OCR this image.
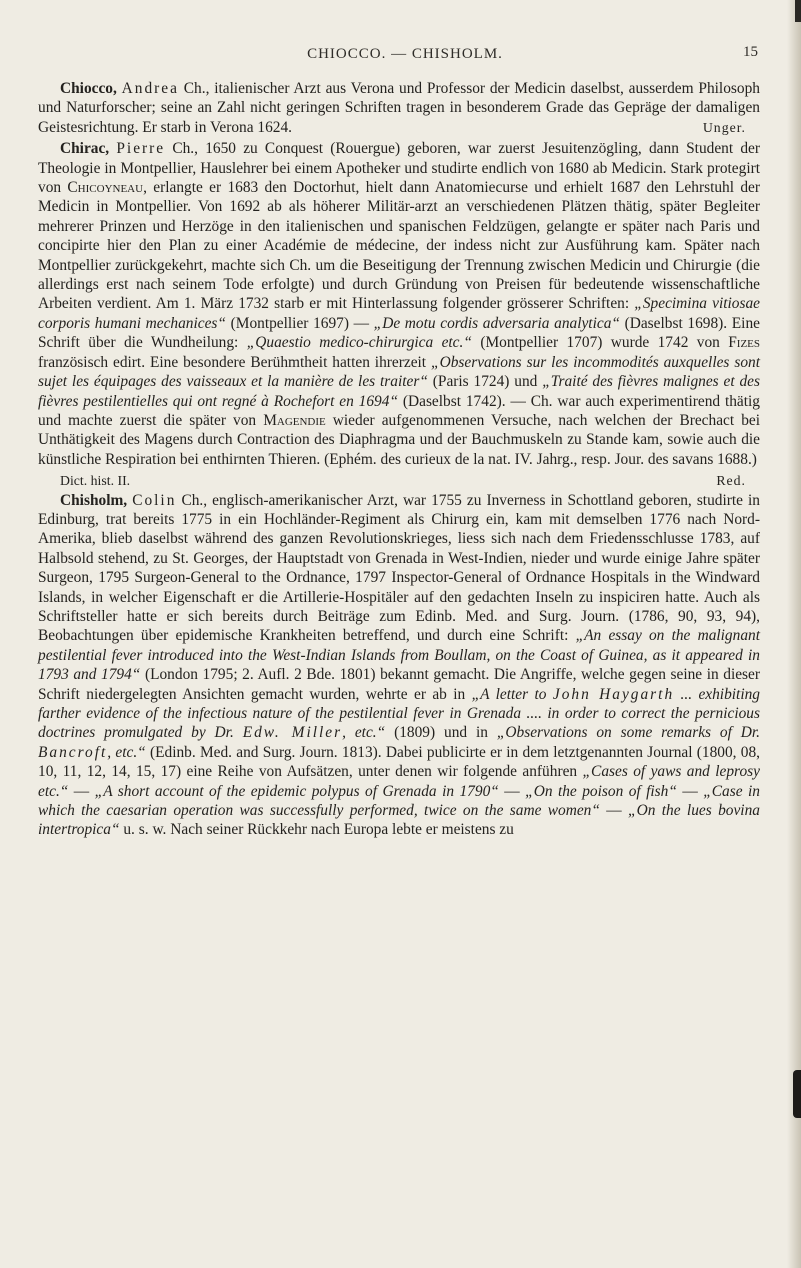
CHIOCCO. — CHISHOLM.	15

Chiocco, Andrea Ch., italienischer Arzt aus Verona und Professor der Medicin daselbst, ausserdem Philosoph und Naturforscher; seine an Zahl nicht geringen Schriften tragen in besonderem Grade das Gepräge der damaligen Geistesrichtung. Er starb in Verona 1624.	Unger.

Chirac, Pierre Ch., 1650 zu Conquest (Rouergue) geboren, war zuerst Jesuitenzögling, dann Student der Theologie in Montpellier, Hauslehrer bei einem Apotheker und studirte endlich von 1680 ab Medicin. Stark protegirt von Chicoyneau, erlangte er 1683 den Doctorhut, hielt dann Anatomiecurse und erhielt 1687 den Lehrstuhl der Medicin in Montpellier. Von 1692 ab als höherer Militär-arzt an verschiedenen Plätzen thätig, später Begleiter mehrerer Prinzen und Herzöge in den italienischen und spanischen Feldzügen, gelangte er später nach Paris und concipirte hier den Plan zu einer Académie de médecine, der indess nicht zur Ausführung kam. Später nach Montpellier zurückgekehrt, machte sich Ch. um die Beseitigung der Trennung zwischen Medicin und Chirurgie (die allerdings erst nach seinem Tode erfolgte) und durch Gründung von Preisen für bedeutende wissenschaftliche Arbeiten verdient. Am 1. März 1732 starb er mit Hinterlassung folgender grösserer Schriften: „Specimina vitiosae corporis humani mechanices“ (Montpellier 1697) — „De motu cordis adversaria analytica“ (Daselbst 1698). Eine Schrift über die Wundheilung: „Quaestio medico-chirurgica etc.“ (Montpellier 1707) wurde 1742 von Fizes französisch edirt. Eine besondere Berühmtheit hatten ihrerzeit „Observations sur les incommodités auxquelles sont sujet les équipages des vaisseaux et la manière de les traiter“ (Paris 1724) und „Traité des fièvres malignes et des fièvres pestilentielles qui ont regné à Rochefort en 1694“ (Daselbst 1742). — Ch. war auch experimentirend thätig und machte zuerst die später von Magendie wieder aufgenommenen Versuche, nach welchen der Brechact bei Unthätigkeit des Magens durch Contraction des Diaphragma und der Bauchmuskeln zu Stande kam, sowie auch die künstliche Respiration bei enthirnten Thieren. (Ephém. des curieux de la nat. IV. Jahrg., resp. Jour. des savans 1688.)

Dict. hist. II.	Red.

Chisholm, Colin Ch., englisch-amerikanischer Arzt, war 1755 zu Inverness in Schottland geboren, studirte in Edinburg, trat bereits 1775 in ein Hochländer-Regiment als Chirurg ein, kam mit demselben 1776 nach Nord-Amerika, blieb daselbst während des ganzen Revolutionskrieges, liess sich nach dem Friedensschlusse 1783, auf Halbsold stehend, zu St. Georges, der Hauptstadt von Grenada in West-Indien, nieder und wurde einige Jahre später Surgeon, 1795 Surgeon-General to the Ordnance, 1797 Inspector-General of Ordnance Hospitals in the Windward Islands, in welcher Eigenschaft er die Artillerie-Hospitäler auf den gedachten Inseln zu inspiciren hatte. Auch als Schriftsteller hatte er sich bereits durch Beiträge zum Edinb. Med. and Surg. Journ. (1786, 90, 93, 94), Beobachtungen über epidemische Krankheiten betreffend, und durch eine Schrift: „An essay on the malignant pestilential fever introduced into the West-Indian Islands from Boullam, on the Coast of Guinea, as it appeared in 1793 and 1794“ (London 1795; 2. Aufl. 2 Bde. 1801) bekannt gemacht. Die Angriffe, welche gegen seine in dieser Schrift niedergelegten Ansichten gemacht wurden, wehrte er ab in „A letter to John Haygarth ... exhibiting farther evidence of the infectious nature of the pestilential fever in Grenada .... in order to correct the pernicious doctrines promulgated by Dr. Edw. Miller, etc.“ (1809) und in „Observations on some remarks of Dr. Bancroft, etc.“ (Edinb. Med. and Surg. Journ. 1813). Dabei publicirte er in dem letztgenannten Journal (1800, 08, 10, 11, 12, 14, 15, 17) eine Reihe von Aufsätzen, unter denen wir folgende anführen „Cases of yaws and leprosy etc.“ — „A short account of the epidemic polypus of Grenada in 1790“ — „On the poison of fish“ — „Case in which the caesarian operation was successfully performed, twice on the same women“ — „On the lues bovina intertropica“ u. s. w. Nach seiner Rückkehr nach Europa lebte er meistens zu
